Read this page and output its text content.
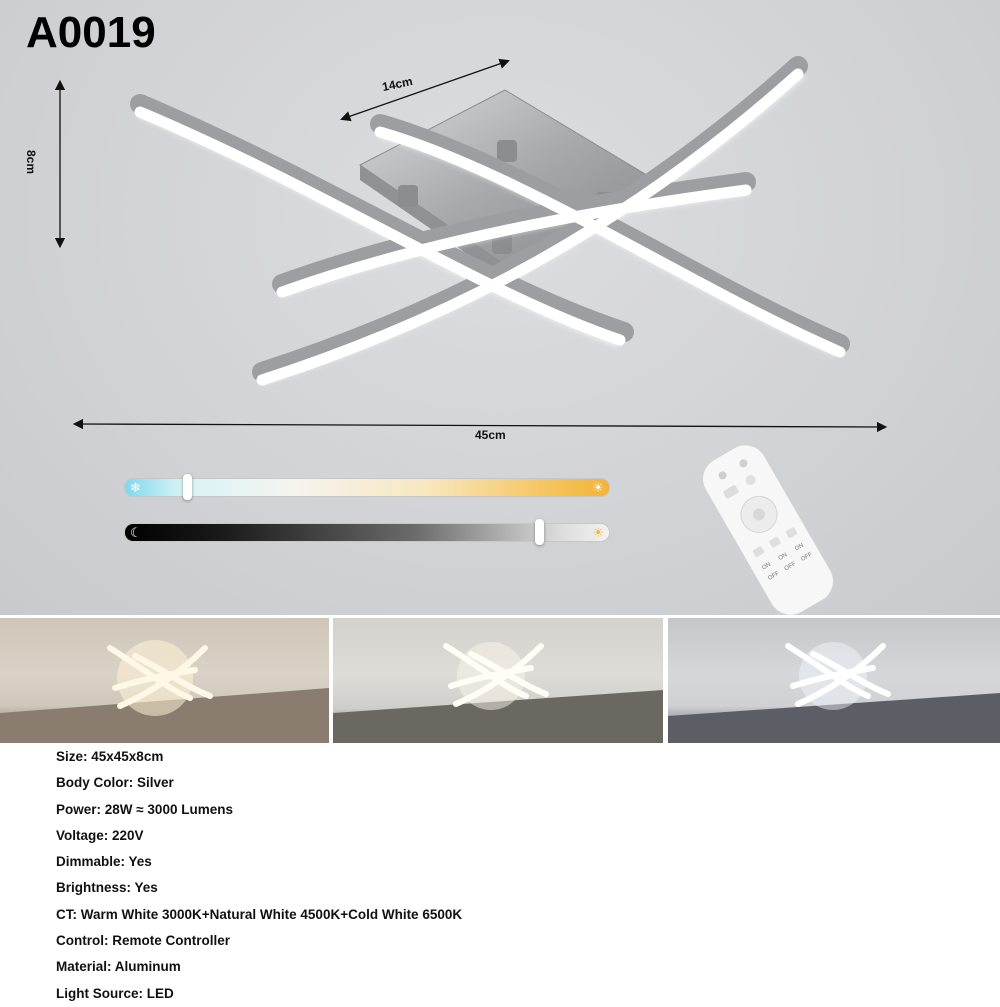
A0019
14cm
8cm
45cm
❄	☀
☾	☀
ON
ON
ON
OFF
OFF
OFF
Size: 45x45x8cm
Body Color: Silver
Power: 28W ≈ 3000 Lumens
Voltage: 220V
Dimmable: Yes
Brightness: Yes
CT: Warm White 3000K+Natural White 4500K+Cold White 6500K
Control: Remote Controller
Material: Aluminum
Light Source: LED
